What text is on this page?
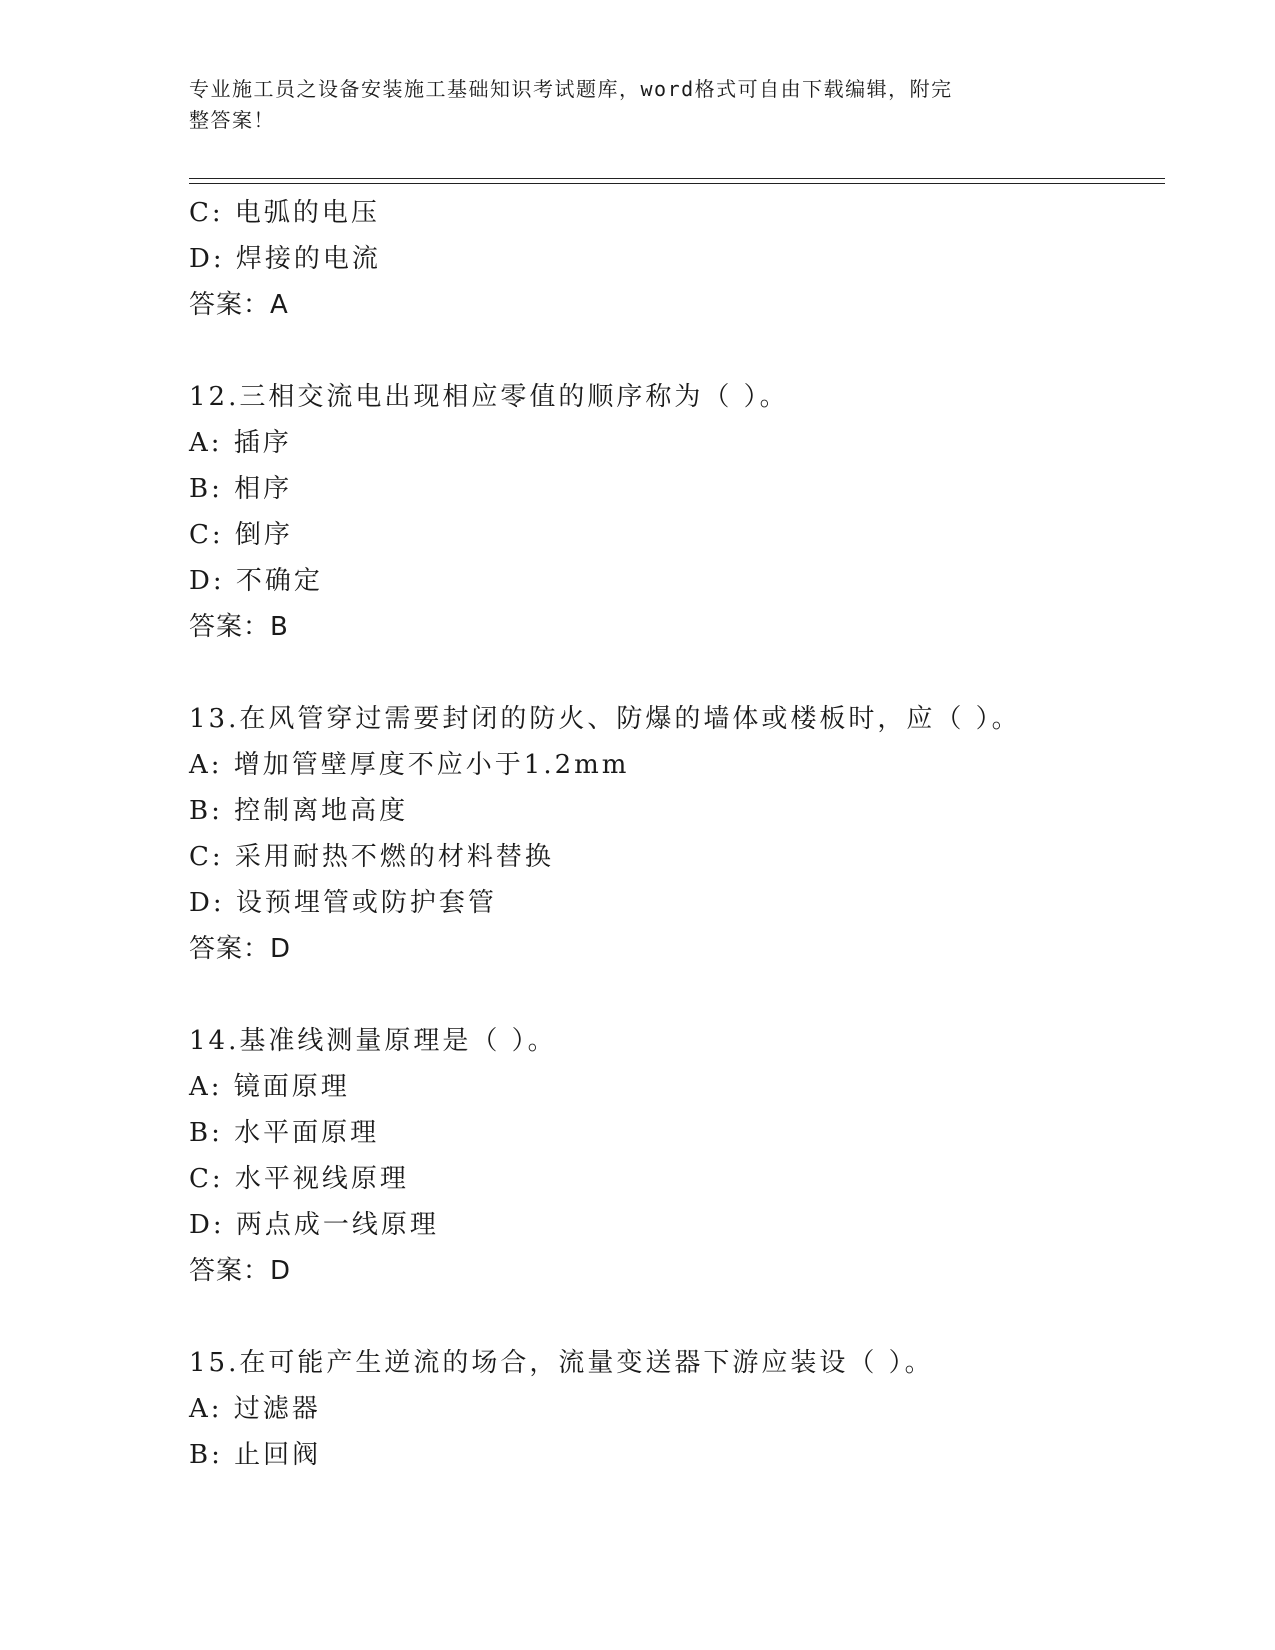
专业施工员之设备安装施工基础知识考试题库，word格式可自由下载编辑，附完
整答案！
C: 电弧的电压
D: 焊接的电流
答案：A
12.三相交流电出现相应零值的顺序称为（ ）。
A: 插序
B: 相序
C: 倒序
D: 不确定
答案：B
13.在风管穿过需要封闭的防火、防爆的墙体或楼板时，应（ ）。
A: 增加管壁厚度不应小于1.2mm
B: 控制离地高度
C: 采用耐热不燃的材料替换
D: 设预埋管或防护套管
答案：D
14.基准线测量原理是（ ）。
A: 镜面原理
B: 水平面原理
C: 水平视线原理
D: 两点成一线原理
答案：D
15.在可能产生逆流的场合，流量变送器下游应装设（ ）。
A: 过滤器
B: 止回阀
